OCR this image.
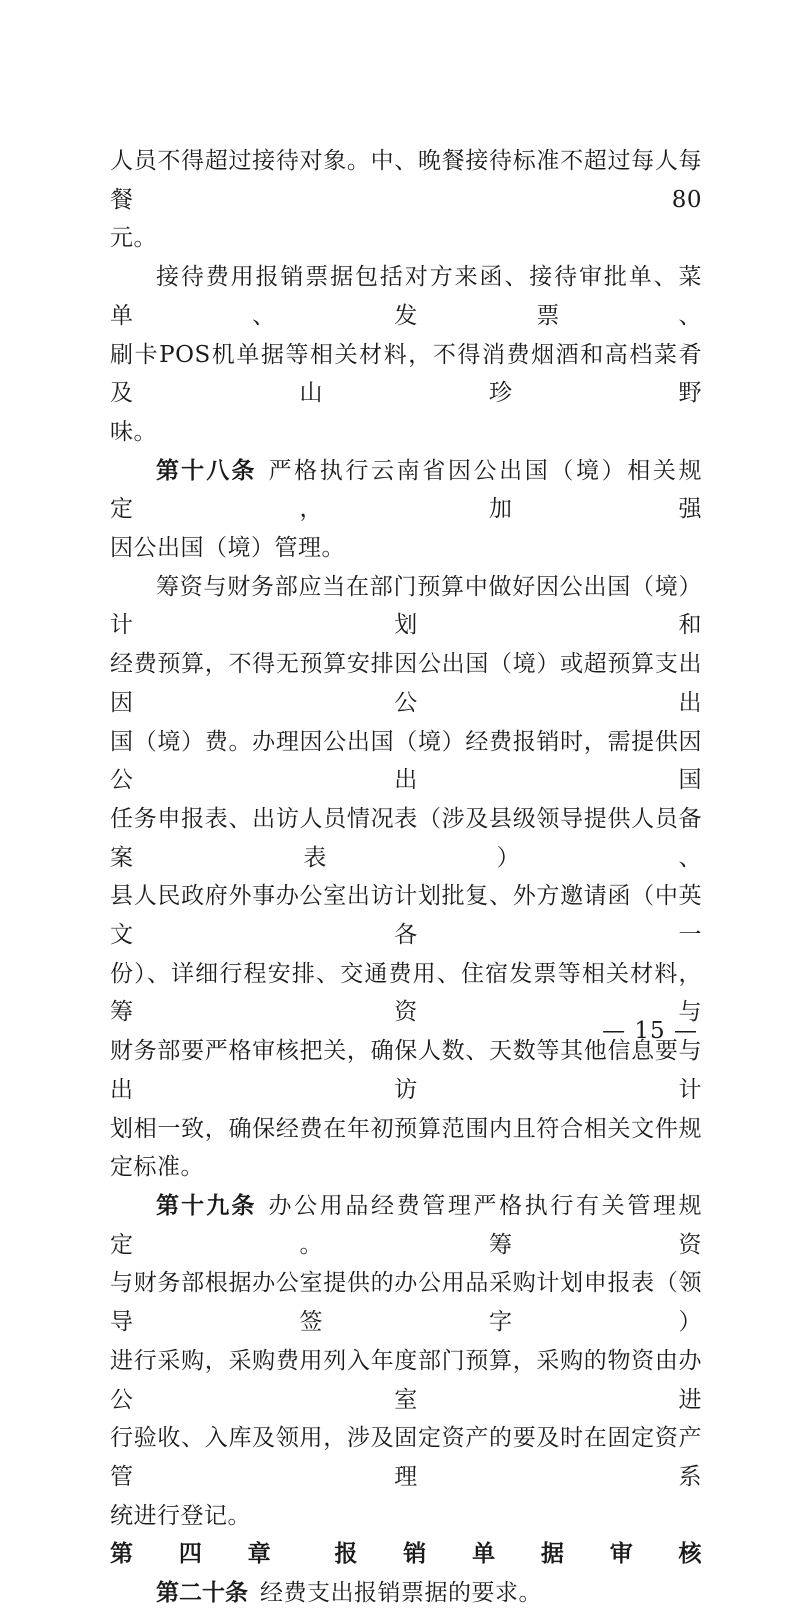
人员不得超过接待对象。中、晚餐接待标准不超过每人每餐80

元。

接待费用报销票据包括对方来函、接待审批单、菜单、发票、

刷卡POS机单据等相关材料，不得消费烟酒和高档菜肴及山珍野

味。

第十八条 严格执行云南省因公出国（境）相关规定，加强

因公出国（境）管理。

筹资与财务部应当在部门预算中做好因公出国（境）计划和

经费预算，不得无预算安排因公出国（境）或超预算支出因公出

国（境）费。办理因公出国（境）经费报销时，需提供因公出国

任务申报表、出访人员情况表（涉及县级领导提供人员备案表）、

县人民政府外事办公室出访计划批复、外方邀请函（中英文各一

份）、详细行程安排、交通费用、住宿发票等相关材料，筹资与

财务部要严格审核把关，确保人数、天数等其他信息要与出访计

划相一致，确保经费在年初预算范围内且符合相关文件规定标准。

第十九条 办公用品经费管理严格执行有关管理规定。筹资

与财务部根据办公室提供的办公用品采购计划申报表（领导签字）

进行采购，采购费用列入年度部门预算，采购的物资由办公室进

行验收、入库及领用，涉及固定资产的要及时在固定资产管理系

统进行登记。

第四章 报销单据审核

第二十条 经费支出报销票据的要求。

— 15 —
